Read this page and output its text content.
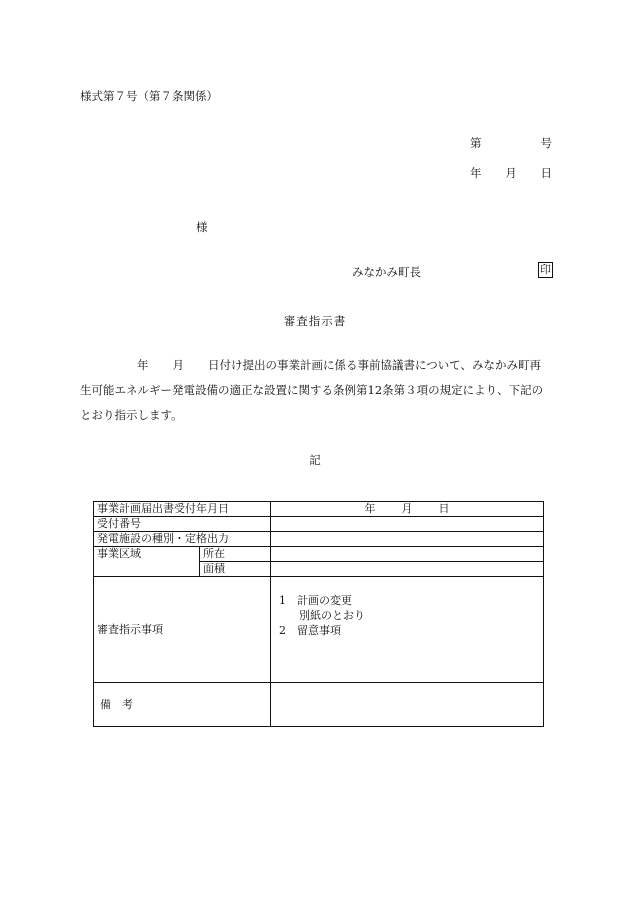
様式第７号（第７条関係）
第	号
年 月 日
様
みなかみ町長	印
審査指示書

年 月 日付け提出の事業計画に係る事前協議書について、みなかみ町再生可能エネルギー発電設備の適正な設置に関する条例第12条第３項の規定により、下記のとおり指示します。

記
事業計画届出書受付年月日		年 月 日
受付番号		
発電施設の種別・定格出力		
事業区域	所在	
	面積	
審査指示事項		1　計画の変更
別紙のとおり
2　留意事項

備　考		
